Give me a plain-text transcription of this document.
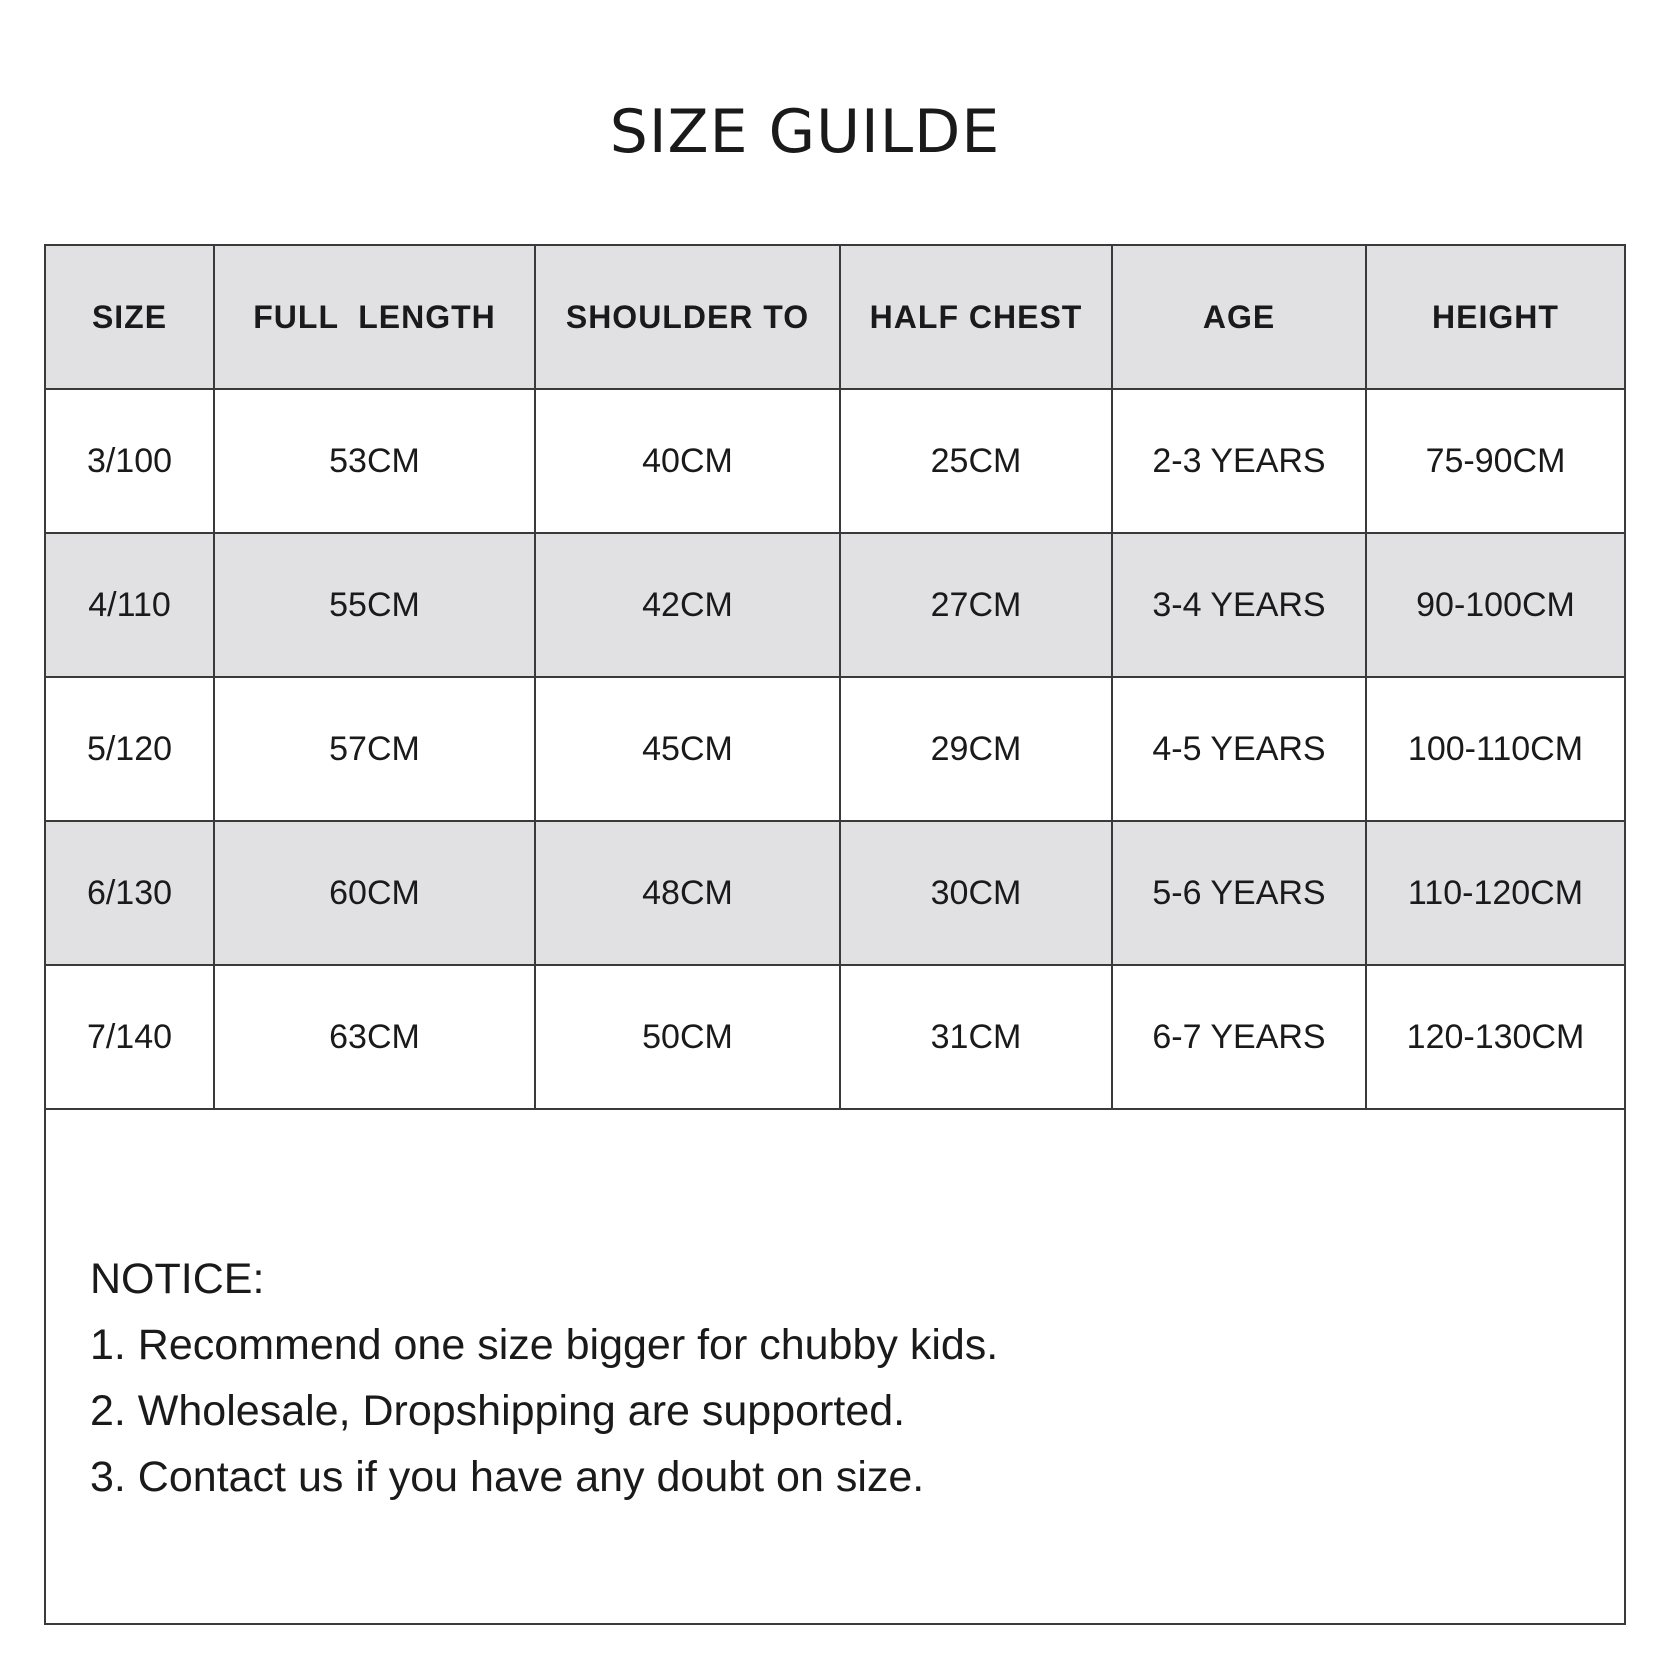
SIZE GUILDE
SIZE	FULL  LENGTH	SHOULDER TO	HALF CHEST	AGE	HEIGHT
3/100	53CM	40CM	25CM	2-3 YEARS	75-90CM
4/110	55CM	42CM	27CM	3-4 YEARS	90-100CM
5/120	57CM	45CM	29CM	4-5 YEARS	100-110CM
6/130	60CM	48CM	30CM	5-6 YEARS	110-120CM
7/140	63CM	50CM	31CM	6-7 YEARS	120-130CM
NOTICE:
1. Recommend one size bigger for chubby kids.
2. Wholesale, Dropshipping are supported.
3. Contact us if you have any doubt on size.
